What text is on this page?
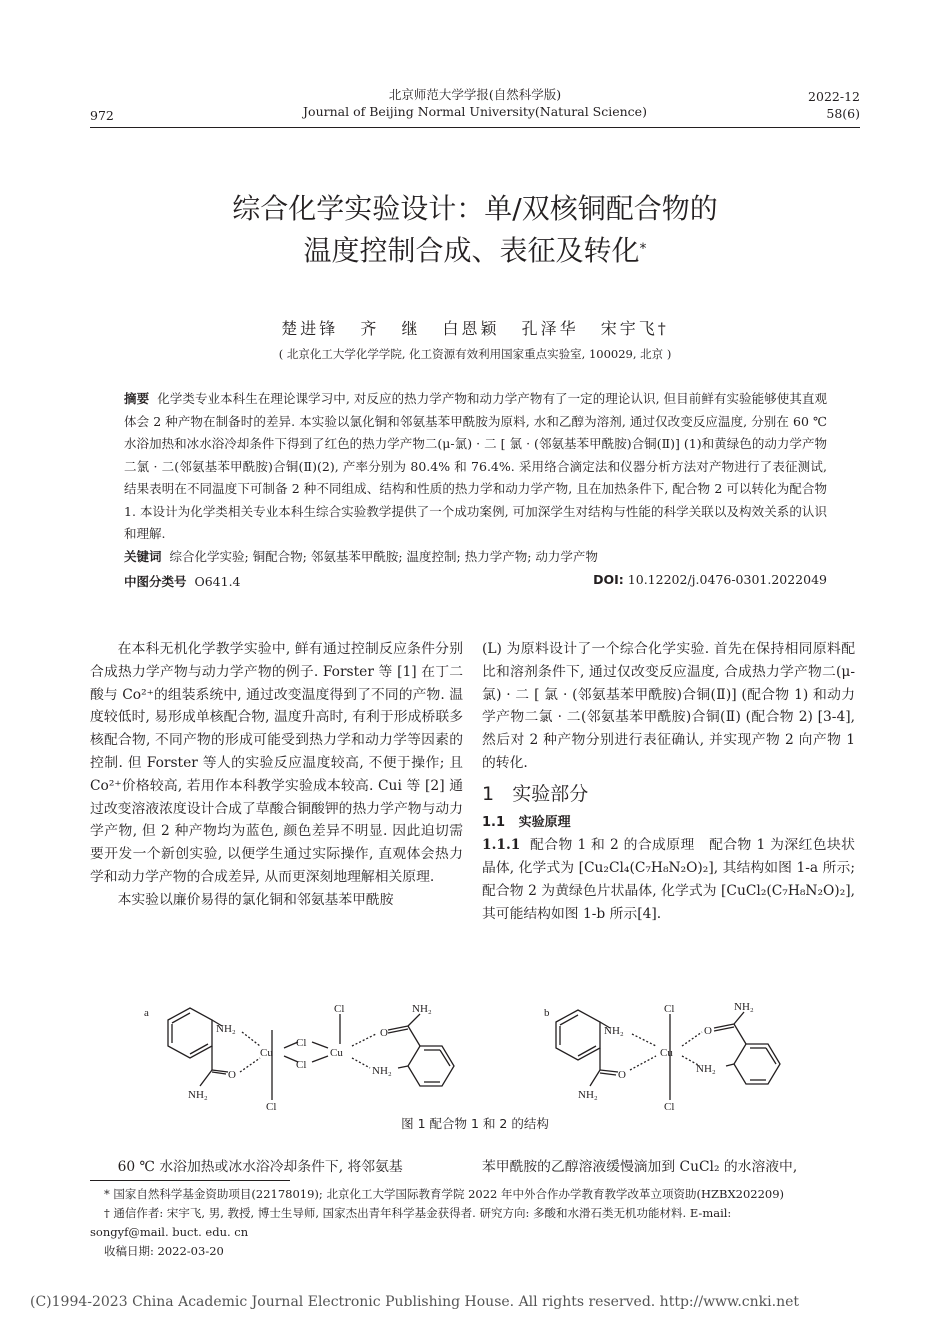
北京师范大学学报(自然科学版)
Journal of Beijing Normal University(Natural Science)
972
2022-12
58(6)
综合化学实验设计：单/双核铜配合物的
温度控制合成、表征及转化*
楚进锋 齐 继 白恩颖 孔泽华 宋宇飞†
( 北京化工大学化学学院, 化工资源有效利用国家重点实验室, 100029, 北京 )
摘要 化学类专业本科生在理论课学习中, 对反应的热力学产物和动力学产物有了一定的理论认识, 但目前鲜有实验能够使其直观体会 2 种产物在制备时的差异. 本实验以氯化铜和邻氨基苯甲酰胺为原料, 水和乙醇为溶剂, 通过仅改变反应温度, 分别在 60 ℃ 水浴加热和冰水浴冷却条件下得到了红色的热力学产物二(μ-氯) · 二 [ 氯 · (邻氨基苯甲酰胺)合铜(Ⅱ)] (1)和黄绿色的动力学产物二氯 · 二(邻氨基苯甲酰胺)合铜(Ⅱ)(2), 产率分别为 80.4% 和 76.4%. 采用络合滴定法和仪器分析方法对产物进行了表征测试, 结果表明在不同温度下可制备 2 种不同组成、结构和性质的热力学和动力学产物, 且在加热条件下, 配合物 2 可以转化为配合物 1. 本设计为化学类相关专业本科生综合实验教学提供了一个成功案例, 可加深学生对结构与性能的科学关联以及构效关系的认识和理解.
关键词 综合化学实验; 铜配合物; 邻氨基苯甲酰胺; 温度控制; 热力学产物; 动力学产物
中图分类号 O641.4	DOI: 10.12202/j.0476-0301.2022049

在本科无机化学教学实验中, 鲜有通过控制反应条件分别合成热力学产物与动力学产物的例子. Forster 等 [1] 在丁二酸与 Co²⁺的组装系统中, 通过改变温度得到了不同的产物. 温度较低时, 易形成单核配合物, 温度升高时, 有利于形成桥联多核配合物, 不同产物的形成可能受到热力学和动力学等因素的控制. 但 Forster 等人的实验反应温度较高, 不便于操作; 且 Co²⁺价格较高, 若用作本科教学实验成本较高. Cui 等 [2] 通过改变溶液浓度设计合成了草酸合铜酸钾的热力学产物与动力学产物, 但 2 种产物均为蓝色, 颜色差异不明显. 因此迫切需要开发一个新创实验, 以便学生通过实际操作, 直观体会热力学和动力学产物的合成差异, 从而更深刻地理解相关原理.

本实验以廉价易得的氯化铜和邻氨基苯甲酰胺

(L) 为原料设计了一个综合化学实验. 首先在保持相同原料配比和溶剂条件下, 通过仅改变反应温度, 合成热力学产物二(μ-氯) · 二 [ 氯 · (邻氨基苯甲酰胺)合铜(Ⅱ)] (配合物 1) 和动力学产物二氯 · 二(邻氨基苯甲酰胺)合铜(Ⅱ) (配合物 2) [3-4], 然后对 2 种产物分别进行表征确认, 并实现产物 2 向产物 1 的转化.

1 实验部分
1.1 实验原理

1.1.1 配合物 1 和 2 的合成原理 配合物 1 为深红色块状晶体, 化学式为 [Cu₂Cl₄(C₇H₈N₂O)₂], 其结构如图 1-a 所示; 配合物 2 为黄绿色片状晶体, 化学式为 [CuCl₂(C₇H₈N₂O)₂], 其可能结构如图 1-b 所示[4].

a
NH₂
Cu	Cu
Cl
Cl
Cl
Cl
O
NH₂
O
NH₂
NH₂
b
NH₂
Cu
Cl
Cl
O
NH₂
O
NH₂
NH₂
图 1 配合物 1 和 2 的结构
60 ℃ 水浴加热或冰水浴冷却条件下, 将邻氨基	苯甲酰胺的乙醇溶液缓慢滴加到 CuCl₂ 的水溶液中,

* 国家自然科学基金资助项目(22178019); 北京化工大学国际教育学院 2022 年中外合作办学教育教学改革立项资助(HZBX202209)

† 通信作者: 宋宇飞, 男, 教授, 博士生导师, 国家杰出青年科学基金获得者. 研究方向: 多酸和水滑石类无机功能材料. E-mail:

songyf@mail. buct. edu. cn

收稿日期: 2022-03-20

(C)1994-2023 China Academic Journal Electronic Publishing House. All rights reserved. http://www.cnki.net
